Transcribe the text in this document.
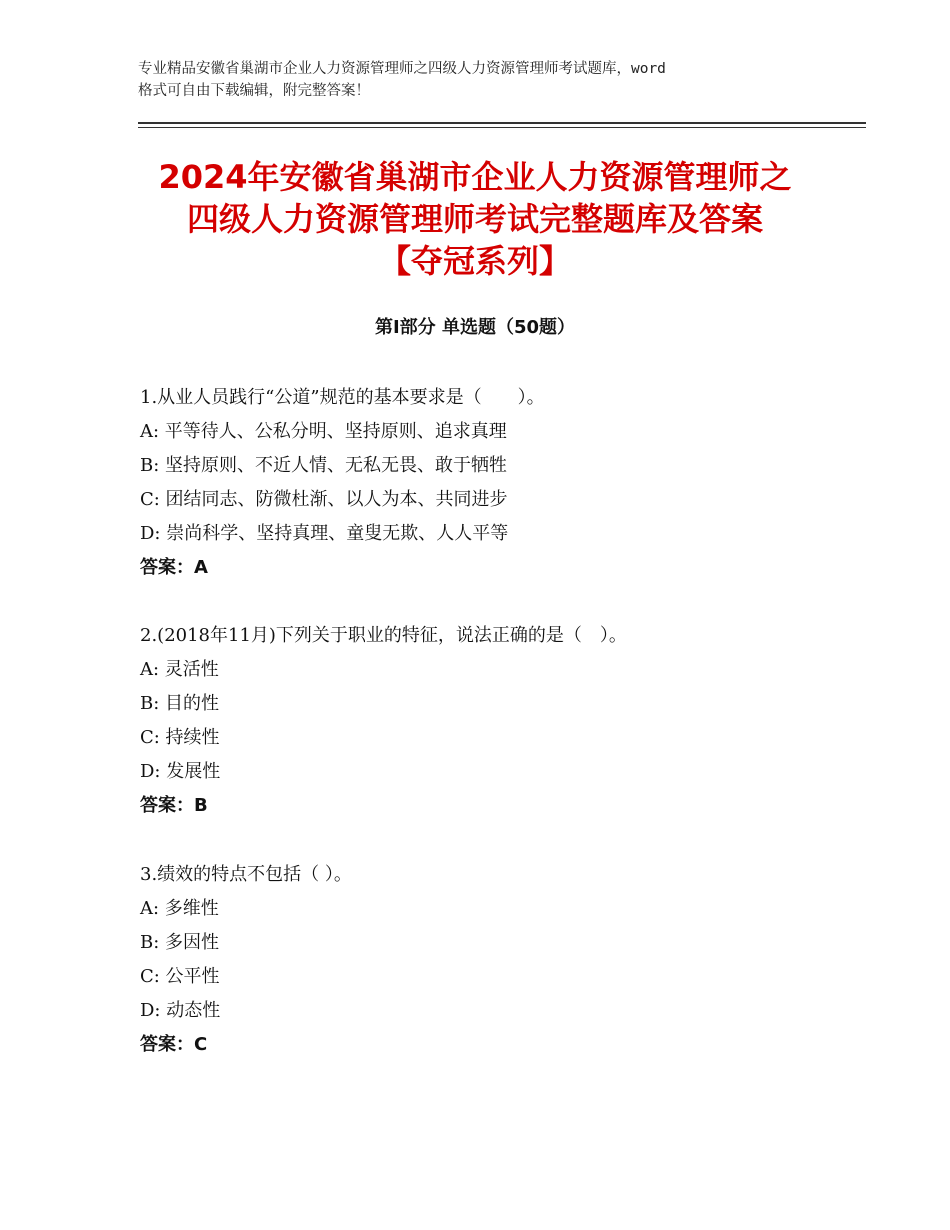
专业精品安徽省巢湖市企业人力资源管理师之四级人力资源管理师考试题库，word
格式可自由下载编辑，附完整答案！
2024年安徽省巢湖市企业人力资源管理师之
四级人力资源管理师考试完整题库及答案
【夺冠系列】
第Ⅰ部分 单选题（50题）
1.从业人员践行“公道”规范的基本要求是（　　）。
A: 平等待人、公私分明、坚持原则、追求真理
B: 坚持原则、不近人情、无私无畏、敢于牺牲
C: 团结同志、防微杜渐、以人为本、共同进步
D: 崇尚科学、坚持真理、童叟无欺、人人平等
答案：A
2.(2018年11月)下列关于职业的特征，说法正确的是（　）。
A: 灵活性
B: 目的性
C: 持续性
D: 发展性
答案：B
3.绩效的特点不包括（ ）。
A: 多维性
B: 多因性
C: 公平性
D: 动态性
答案：C
